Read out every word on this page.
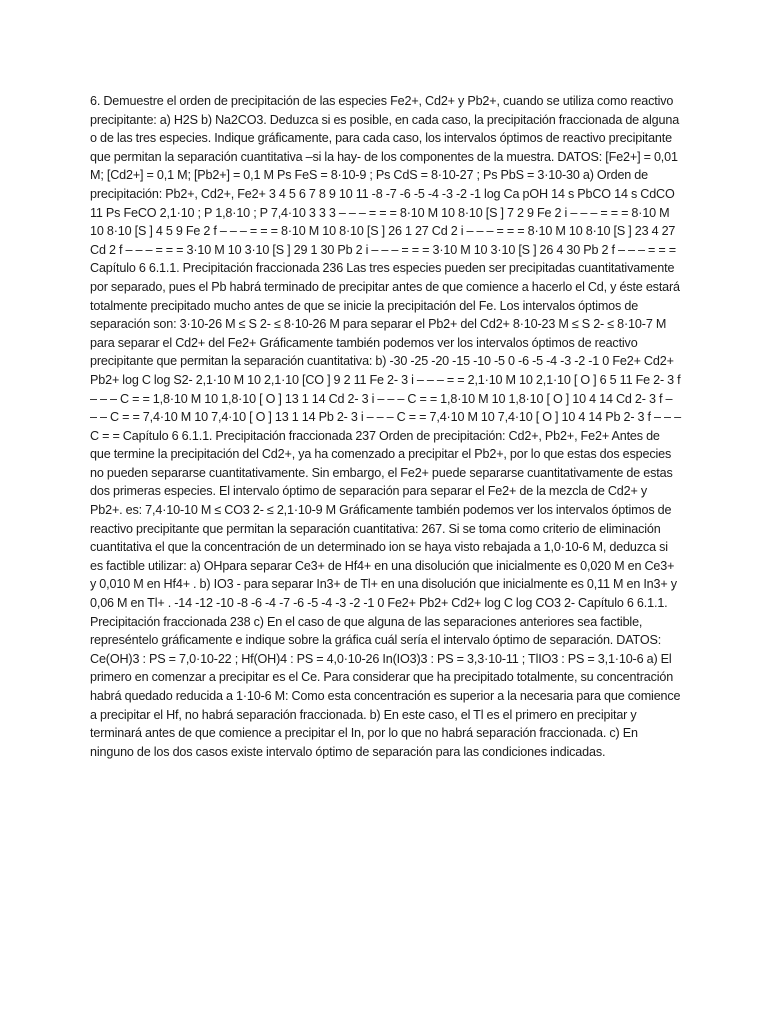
6. Demuestre el orden de precipitación de las especies Fe2+, Cd2+ y Pb2+, cuando se utiliza como reactivo precipitante: a) H2S b) Na2CO3. Deduzca si es posible, en cada caso, la precipitación fraccionada de alguna o de las tres especies. Indique gráficamente, para cada caso, los intervalos óptimos de reactivo precipitante que permitan la separación cuantitativa –si la hay- de los componentes de la muestra. DATOS: [Fe2+] = 0,01 M; [Cd2+] = 0,1 M; [Pb2+] = 0,1 M Ps FeS = 8·10-9 ; Ps CdS = 8·10-27 ; Ps PbS = 3·10-30 a) Orden de precipitación: Pb2+, Cd2+, Fe2+ 3 4 5 6 7 8 9 10 11 -8 -7 -6 -5 -4 -3 -2 -1 log Ca pOH 14 s PbCO 14 s CdCO 11 Ps FeCO 2,1·10 ; P 1,8·10 ; P 7,4·10 3 3 3 – – – = = = 8·10 M 10 8·10 [S ] 7 2 9 Fe 2 i – – – = = = 8·10 M 10 8·10 [S ] 4 5 9 Fe 2 f – – – = = = 8·10 M 10 8·10 [S ] 26 1 27 Cd 2 i – – – = = = 8·10 M 10 8·10 [S ] 23 4 27 Cd 2 f – – – = = = 3·10 M 10 3·10 [S ] 29 1 30 Pb 2 i – – – = = = 3·10 M 10 3·10 [S ] 26 4 30 Pb 2 f – – – = = = Capítulo 6 6.1.1. Precipitación fraccionada 236 Las tres especies pueden ser precipitadas cuantitativamente por separado, pues el Pb habrá terminado de precipitar antes de que comience a hacerlo el Cd, y éste estará totalmente precipitado mucho antes de que se inicie la precipitación del Fe. Los intervalos óptimos de separación son: 3·10-26 M ≤ S 2- ≤ 8·10-26 M para separar el Pb2+ del Cd2+ 8·10-23 M ≤ S 2- ≤ 8·10-7 M para separar el Cd2+ del Fe2+ Gráficamente también podemos ver los intervalos óptimos de reactivo precipitante que permitan la separación cuantitativa: b) -30 -25 -20 -15 -10 -5 0 -6 -5 -4 -3 -2 -1 0 Fe2+ Cd2+ Pb2+ log C log S2- 2,1·10 M 10 2,1·10 [CO ] 9 2 11 Fe 2- 3 i – – – = = 2,1·10 M 10 2,1·10 [ O ] 6 5 11 Fe 2- 3 f – – – C = = 1,8·10 M 10 1,8·10 [ O ] 13 1 14 Cd 2- 3 i – – – C = = 1,8·10 M 10 1,8·10 [ O ] 10 4 14 Cd 2- 3 f – – – C = = 7,4·10 M 10 7,4·10 [ O ] 13 1 14 Pb 2- 3 i – – – C = = 7,4·10 M 10 7,4·10 [ O ] 10 4 14 Pb 2- 3 f – – – C = = Capítulo 6 6.1.1. Precipitación fraccionada 237 Orden de precipitación: Cd2+, Pb2+, Fe2+ Antes de que termine la precipitación del Cd2+, ya ha comenzado a precipitar el Pb2+, por lo que estas dos especies no pueden separarse cuantitativamente. Sin embargo, el Fe2+ puede separarse cuantitativamente de estas dos primeras especies. El intervalo óptimo de separación para separar el Fe2+ de la mezcla de Cd2+ y Pb2+. es: 7,4·10-10 M ≤ CO3 2- ≤ 2,1·10-9 M Gráficamente también podemos ver los intervalos óptimos de reactivo precipitante que permitan la separación cuantitativa: 267. Si se toma como criterio de eliminación cuantitativa el que la concentración de un determinado ion se haya visto rebajada a 1,0·10-6 M, deduzca si es factible utilizar: a) OHpara separar Ce3+ de Hf4+ en una disolución que inicialmente es 0,020 M en Ce3+ y 0,010 M en Hf4+ . b) IO3 - para separar In3+ de Tl+ en una disolución que inicialmente es 0,11 M en In3+ y 0,06 M en Tl+ . -14 -12 -10 -8 -6 -4 -7 -6 -5 -4 -3 -2 -1 0 Fe2+ Pb2+ Cd2+ log C log CO3 2- Capítulo 6 6.1.1. Precipitación fraccionada 238 c) En el caso de que alguna de las separaciones anteriores sea factible, represéntelo gráficamente e indique sobre la gráfica cuál sería el intervalo óptimo de separación. DATOS: Ce(OH)3 : PS = 7,0·10-22 ; Hf(OH)4 : PS = 4,0·10-26 In(IO3)3 : PS = 3,3·10-11 ; TlIO3 : PS = 3,1·10-6 a) El primero en comenzar a precipitar es el Ce. Para considerar que ha precipitado totalmente, su concentración habrá quedado reducida a 1·10-6 M: Como esta concentración es superior a la necesaria para que comience a precipitar el Hf, no habrá separación fraccionada. b) En este caso, el Tl es el primero en precipitar y terminará antes de que comience a precipitar el In, por lo que no habrá separación fraccionada. c) En ninguno de los dos casos existe intervalo óptimo de separación para las condiciones indicadas.
